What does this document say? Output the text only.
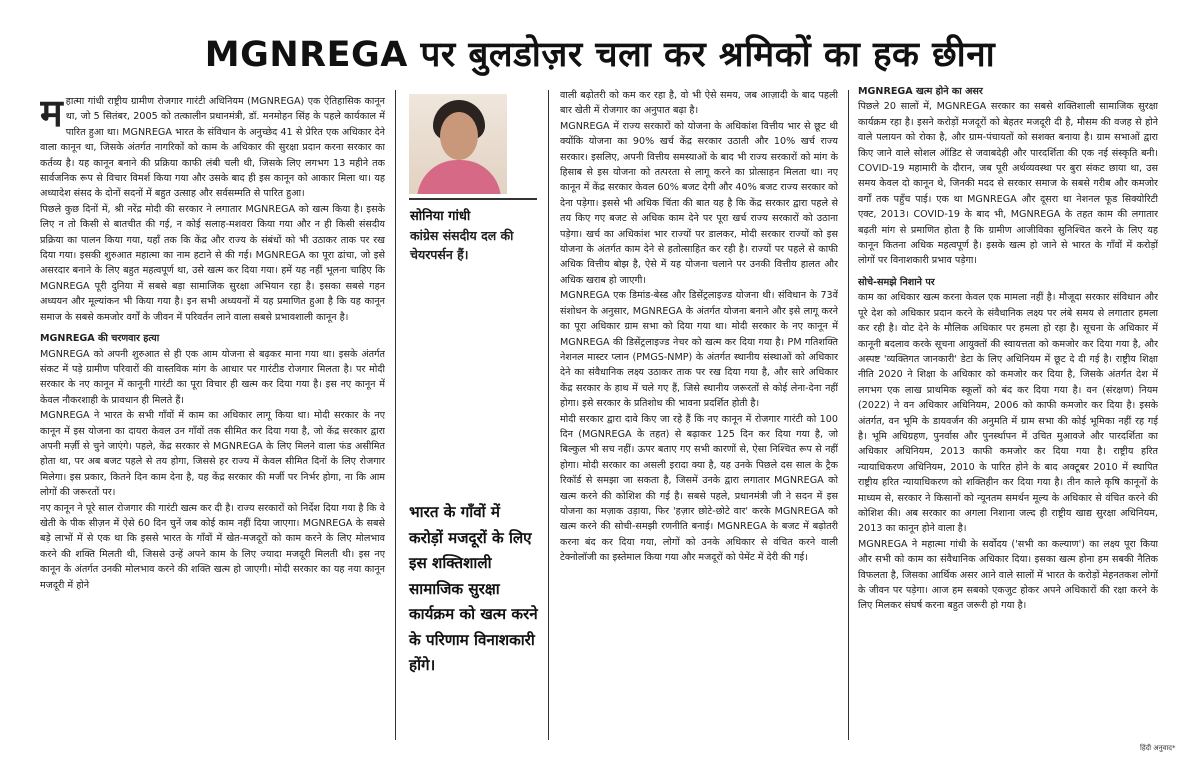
MGNREGA पर बुलडोज़र चला कर श्रमिकों का हक छीना

महात्मा गांधी राष्ट्रीय ग्रामीण रोजगार गारंटी अधिनियम (MGNREGA) एक ऐतिहासिक कानून था, जो 5 सितंबर, 2005 को तत्कालीन प्रधानमंत्री, डॉ. मनमोहन सिंह के पहले कार्यकाल में पारित हुआ था। MGNREGA भारत के संविधान के अनुच्छेद 41 से प्रेरित एक अधिकार देने वाला कानून था, जिसके अंतर्गत नागरिकों को काम के अधिकार की सुरक्षा प्रदान करना सरकार का कर्तव्य है। यह कानून बनाने की प्रक्रिया काफी लंबी चली थी, जिसके लिए लगभग 13 महीने तक सार्वजनिक रूप से विचार विमर्श किया गया और उसके बाद ही इस कानून को आकार मिला था। यह अध्यादेश संसद के दोनों सदनों में बहुत उत्साह और सर्वसम्मति से पारित हुआ।

पिछले कुछ दिनों में, श्री नरेंद्र मोदी की सरकार ने लगातार MGNREGA को खत्म किया है। इसके लिए न तो किसी से बातचीत की गई, न कोई सलाह-मशवरा किया गया और न ही किसी संसदीय प्रक्रिया का पालन किया गया, यहाँ तक कि केंद्र और राज्य के संबंधों को भी उठाकर ताक पर रख दिया गया। इसकी शुरुआत महात्मा का नाम हटाने से की गई। MGNREGA का पूरा ढांचा, जो इसे असरदार बनाने के लिए बहुत महत्वपूर्ण था, उसे खत्म कर दिया गया। हमें यह नहीं भूलना चाहिए कि MGNREGA पूरी दुनिया में सबसे बड़ा सामाजिक सुरक्षा अभियान रहा है। इसका सबसे गहन अध्ययन और मूल्यांकन भी किया गया है। इन सभी अध्ययनों में यह प्रमाणित हुआ है कि यह कानून समाज के सबसे कमजोर वर्गों के जीवन में परिवर्तन लाने वाला सबसे प्रभावशाली कानून है।

MGNREGA की चरणवार हत्या

MGNREGA को अपनी शुरुआत से ही एक आम योजना से बढ़कर माना गया था। इसके अंतर्गत संकट में पड़े ग्रामीण परिवारों की वास्तविक मांग के आधार पर गारंटीड रोजगार मिलता है। पर मोदी सरकार के नए कानून में कानूनी गारंटी का पूरा विचार ही खत्म कर दिया गया है। इस नए कानून में केवल नौकरशाही के प्रावधान ही मिलते हैं।

MGNREGA ने भारत के सभी गाँवों में काम का अधिकार लागू किया था। मोदी सरकार के नए कानून में इस योजना का दायरा केवल उन गाँवों तक सीमित कर दिया गया है, जो केंद्र सरकार द्वारा अपनी मर्ज़ी से चुने जाएंगे। पहले, केंद्र सरकार से MGNREGA के लिए मिलने वाला फंड असीमित होता था, पर अब बजट पहले से तय होगा, जिससे हर राज्य में केवल सीमित दिनों के लिए रोजगार मिलेगा। इस प्रकार, कितने दिन काम देना है, यह केंद्र सरकार की मर्जी पर निर्भर होगा, ना कि आम लोगों की जरूरतों पर।

नए कानून ने पूरे साल रोजगार की गारंटी खत्म कर दी है। राज्य सरकारों को निर्देश दिया गया है कि वे खेती के पीक सीज़न में ऐसे 60 दिन चुनें जब कोई काम नहीं दिया जाएगा। MGNREGA के सबसे बड़े लाभों में से एक था कि इससे भारत के गाँवों में खेत-मजदूरों को काम करने के लिए मोलभाव करने की शक्ति मिलती थी, जिससे उन्हें अपने काम के लिए ज्यादा मजदूरी मिलती थी। इस नए कानून के अंतर्गत उनकी मोलभाव करने की शक्ति खत्म हो जाएगी। मोदी सरकार का यह नया कानून मजदूरी में होने

सोनिया गांधी
कांग्रेस संसदीय दल की चेयरपर्सन हैं।
भारत के गाँवों में करोड़ों मजदूरों के लिए इस शक्तिशाली सामाजिक सुरक्षा कार्यक्रम को खत्म करने के परिणाम विनाशकारी होंगे।

वाली बढ़ोतरी को कम कर रहा है, वो भी ऐसे समय, जब आज़ादी के बाद पहली बार खेती में रोजगार का अनुपात बढ़ा है।

MGNREGA में राज्य सरकारों को योजना के अधिकांश वित्तीय भार से छूट थी क्योंकि योजना का 90% खर्च केंद्र सरकार उठाती और 10% खर्च राज्य सरकार। इसलिए, अपनी वित्तीय समस्याओं के बाद भी राज्य सरकारों को मांग के हिसाब से इस योजना को तत्परता से लागू करने का प्रोत्साहन मिलता था। नए कानून में केंद्र सरकार केवल 60% बजट देगी और 40% बजट राज्य सरकार को देना पड़ेगा। इससे भी अधिक चिंता की बात यह है कि केंद्र सरकार द्वारा पहले से तय किए गए बजट से अधिक काम देने पर पूरा खर्च राज्य सरकारों को उठाना पड़ेगा। खर्च का अधिकांश भार राज्यों पर डालकर, मोदी सरकार राज्यों को इस योजना के अंतर्गत काम देने से हतोत्साहित कर रही है। राज्यों पर पहले से काफी अधिक वित्तीय बोझ है, ऐसे में यह योजना चलाने पर उनकी वित्तीय हालत और अधिक खराब हो जाएगी।

MGNREGA एक डिमांड-बेस्ड और डिसेंट्रलाइज्ड योजना थी। संविधान के 73वें संशोधन के अनुसार, MGNREGA के अंतर्गत योजना बनाने और इसे लागू करने का पूरा अधिकार ग्राम सभा को दिया गया था। मोदी सरकार के नए कानून में MGNREGA की डिसेंट्रलाइज्ड नेचर को खत्म कर दिया गया है। PM गतिशक्ति नेशनल मास्टर प्लान (PMGS-NMP) के अंतर्गत स्थानीय संस्थाओं को अधिकार देने का संवैधानिक लक्ष्य उठाकर ताक पर रख दिया गया है, और सारे अधिकार केंद्र सरकार के हाथ में चले गए हैं, जिसे स्थानीय जरूरतों से कोई लेना-देना नहीं होगा। इसे सरकार के प्रतिशोध की भावना प्रदर्शित होती है।

मोदी सरकार द्वारा दावे किए जा रहे हैं कि नए कानून में रोजगार गारंटी को 100 दिन (MGNREGA के तहत) से बढ़ाकर 125 दिन कर दिया गया है, जो बिल्कुल भी सच नहीं। ऊपर बताए गए सभी कारणों से, ऐसा निश्चित रूप से नहीं होगा। मोदी सरकार का असली इरादा क्या है, यह उनके पिछले दस साल के ट्रैक रिकॉर्ड से समझा जा सकता है, जिसमें उनके द्वारा लगातार MGNREGA को खत्म करने की कोशिश की गई है। सबसे पहले, प्रधानमंत्री जी ने सदन में इस योजना का मज़ाक उड़ाया, फिर 'हज़ार छोटे-छोटे वार' करके MGNREGA को खत्म करने की सोची-समझी रणनीति बनाई। MGNREGA के बजट में बढ़ोतरी करना बंद कर दिया गया, लोगों को उनके अधिकार से वंचित करने वाली टेक्नोलॉजी का इस्तेमाल किया गया और मजदूरों को पेमेंट में देरी की गई।

MGNREGA खत्म होने का असर

पिछले 20 सालों में, MGNREGA सरकार का सबसे शक्तिशाली सामाजिक सुरक्षा कार्यक्रम रहा है। इसने करोड़ों मजदूरों को बेहतर मजदूरी दी है, मौसम की वजह से होने वाले पलायन को रोका है, और ग्राम-पंचायतों को सशक्त बनाया है। ग्राम सभाओं द्वारा किए जाने वाले सोशल ऑडिट से जवाबदेही और पारदर्शिता की एक नई संस्कृति बनी। COVID-19 महामारी के दौरान, जब पूरी अर्थव्यवस्था पर बुरा संकट छाया था, उस समय केवल दो कानून थे, जिनकी मदद से सरकार समाज के सबसे गरीब और कमजोर वर्गों तक पहुँच पाई। एक था MGNREGA और दूसरा था नेशनल फूड सिक्योरिटी एक्ट, 2013। COVID-19 के बाद भी, MGNREGA के तहत काम की लगातार बढ़ती मांग से प्रमाणित होता है कि ग्रामीण आजीविका सुनिश्चित करने के लिए यह कानून कितना अधिक महत्वपूर्ण है। इसके खत्म हो जाने से भारत के गाँवों में करोड़ों लोगों पर विनाशकारी प्रभाव पड़ेगा।

सोचे-समझे निशाने पर

काम का अधिकार खत्म करना केवल एक मामला नहीं है। मौजूदा सरकार संविधान और पूरे देश को अधिकार प्रदान करने के संवैधानिक लक्ष्य पर लंबे समय से लगातार हमला कर रही है। वोट देने के मौलिक अधिकार पर हमला हो रहा है। सूचना के अधिकार में कानूनी बदलाव करके सूचना आयुक्तों की स्वायत्तता को कमजोर कर दिया गया है, और अस्पष्ट 'व्यक्तिगत जानकारी' डेटा के लिए अधिनियम में छूट दे दी गई है। राष्ट्रीय शिक्षा नीति 2020 ने शिक्षा के अधिकार को कमजोर कर दिया है, जिसके अंतर्गत देश में लगभग एक लाख प्राथमिक स्कूलों को बंद कर दिया गया है। वन (संरक्षण) नियम (2022) ने वन अधिकार अधिनियम, 2006 को काफी कमजोर कर दिया है। इसके अंतर्गत, वन भूमि के डायवर्जन की अनुमति में ग्राम सभा की कोई भूमिका नहीं रह गई है। भूमि अधिग्रहण, पुनर्वास और पुनर्स्थापन में उचित मुआवजे और पारदर्शिता का अधिकार अधिनियम, 2013 काफी कमजोर कर दिया गया है। राष्ट्रीय हरित न्यायाधिकरण अधिनियम, 2010 के पारित होने के बाद अक्टूबर 2010 में स्थापित राष्ट्रीय हरित न्यायाधिकरण को शक्तिहीन कर दिया गया है। तीन काले कृषि कानूनों के माध्यम से, सरकार ने किसानों को न्यूनतम समर्थन मूल्य के अधिकार से वंचित करने की कोशिश की। अब सरकार का अगला निशाना जल्द ही राष्ट्रीय खाद्य सुरक्षा अधिनियम, 2013 का कानून होने वाला है।

MGNREGA ने महात्मा गांधी के सर्वोदय ('सभी का कल्याण') का लक्ष्य पूरा किया और सभी को काम का संवैधानिक अधिकार दिया। इसका खत्म होना हम सबकी नैतिक विफलता है, जिसका आर्थिक असर आने वाले सालों में भारत के करोड़ों मेहनतकश लोगों के जीवन पर पड़ेगा। आज हम सबको एकजुट होकर अपने अधिकारों की रक्षा करने के लिए मिलकर संघर्ष करना बहुत जरूरी हो गया है।

हिंदी अनुवाद*
